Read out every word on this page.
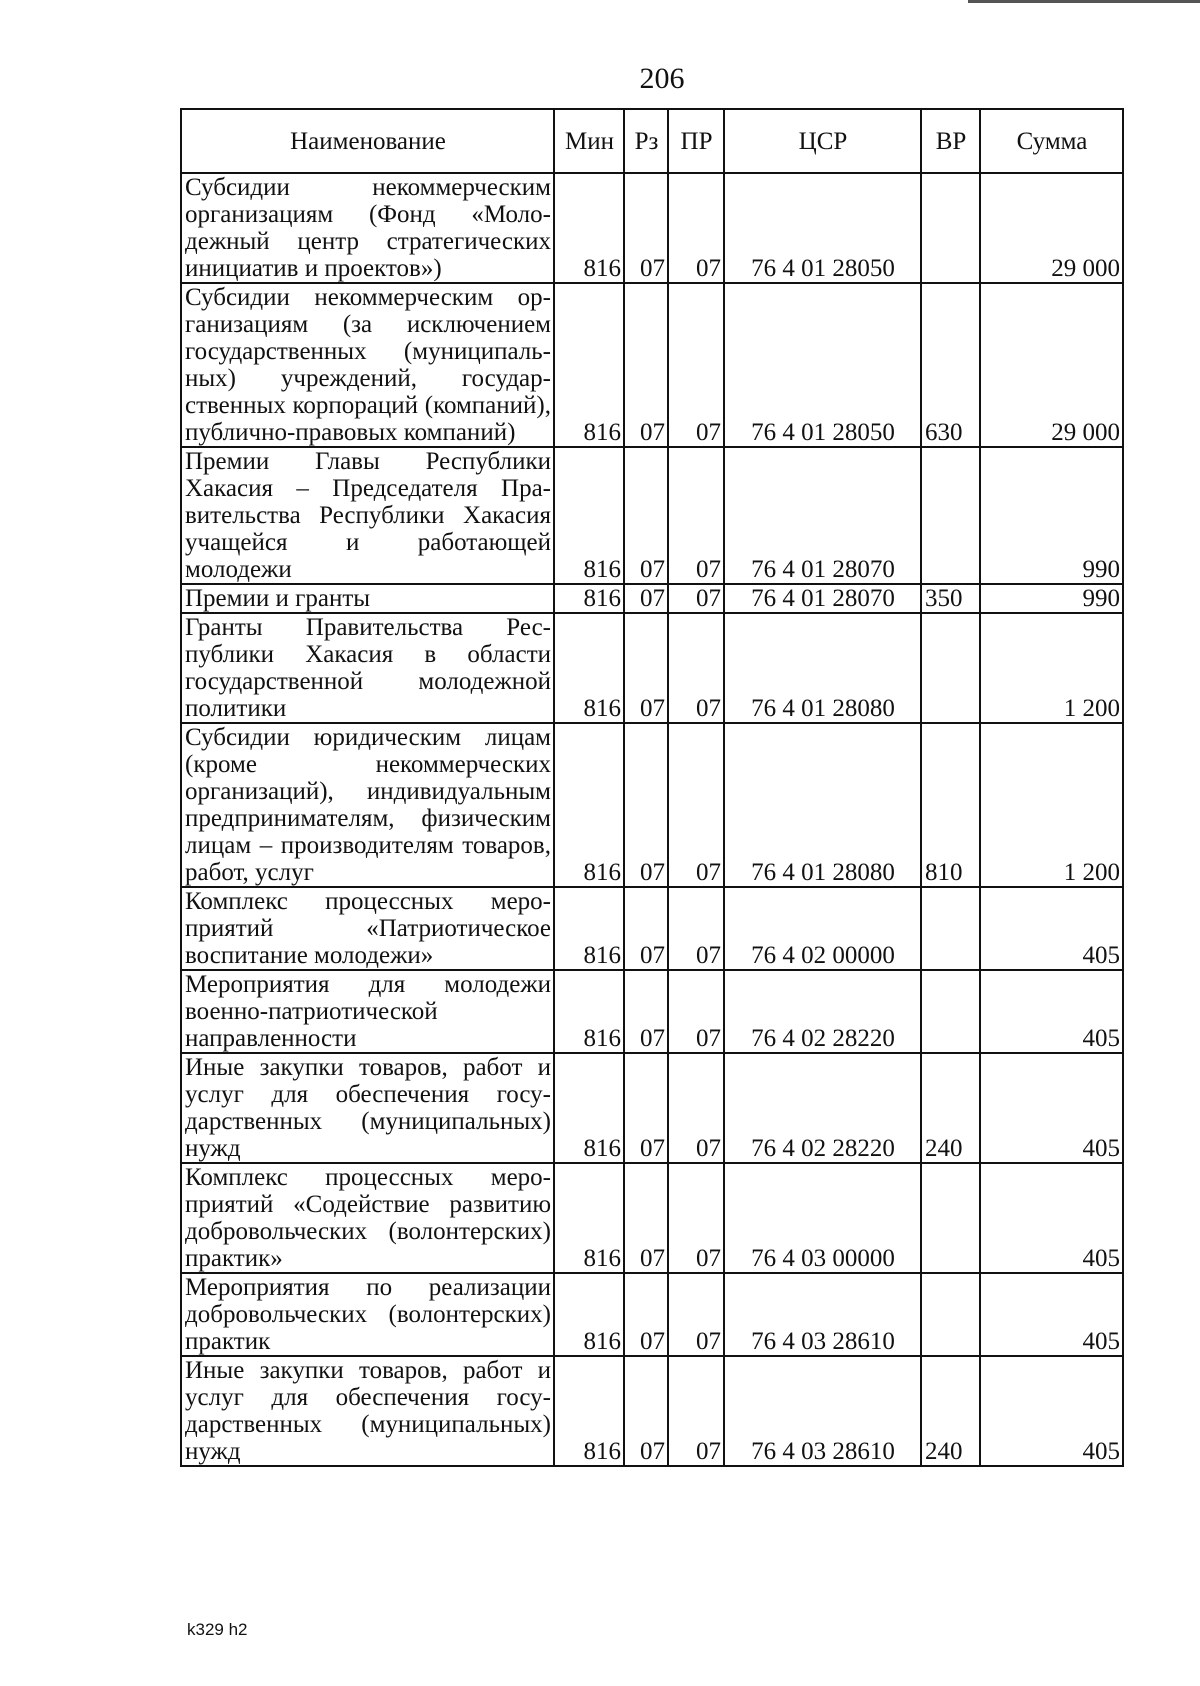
206
Наименование	Мин	Рз	ПР	ЦСР	ВР	Сумма
Субсидии некоммерческим организациям (Фонд «Молодежный центр стратегических инициатив и проектов»)	816	07	07	76 4 01 28050		29 000
Субсидии некоммерческим организациям (за исключением государственных (муниципальных) учреждений, государственных корпораций (компаний), публично-правовых компаний)	816	07	07	76 4 01 28050	630	29 000
Премии Главы Республики Хакасия – Председателя Правительства Республики Хакасия учащейся и работающей молодежи	816	07	07	76 4 01 28070		990
Премии и гранты	816	07	07	76 4 01 28070	350	990
Гранты Правительства Республики Хакасия в области государственной молодежной политики	816	07	07	76 4 01 28080		1 200
Субсидии юридическим лицам (кроме некоммерческих организаций), индивидуальным предпринимателям, физическим лицам – производителям товаров, работ, услуг	816	07	07	76 4 01 28080	810	1 200
Комплекс процессных мероприятий «Патриотическое воспитание молодежи»	816	07	07	76 4 02 00000		405
Мероприятия для молодежи военно-патриотической направленности	816	07	07	76 4 02 28220		405
Иные закупки товаров, работ и услуг для обеспечения государственных (муниципальных) нужд	816	07	07	76 4 02 28220	240	405
Комплекс процессных мероприятий «Содействие развитию добровольческих (волонтерских) практик»	816	07	07	76 4 03 00000		405
Мероприятия по реализации добровольческих (волонтерских) практик	816	07	07	76 4 03 28610		405
Иные закупки товаров, работ и услуг для обеспечения государственных (муниципальных) нужд	816	07	07	76 4 03 28610	240	405
k329 h2
